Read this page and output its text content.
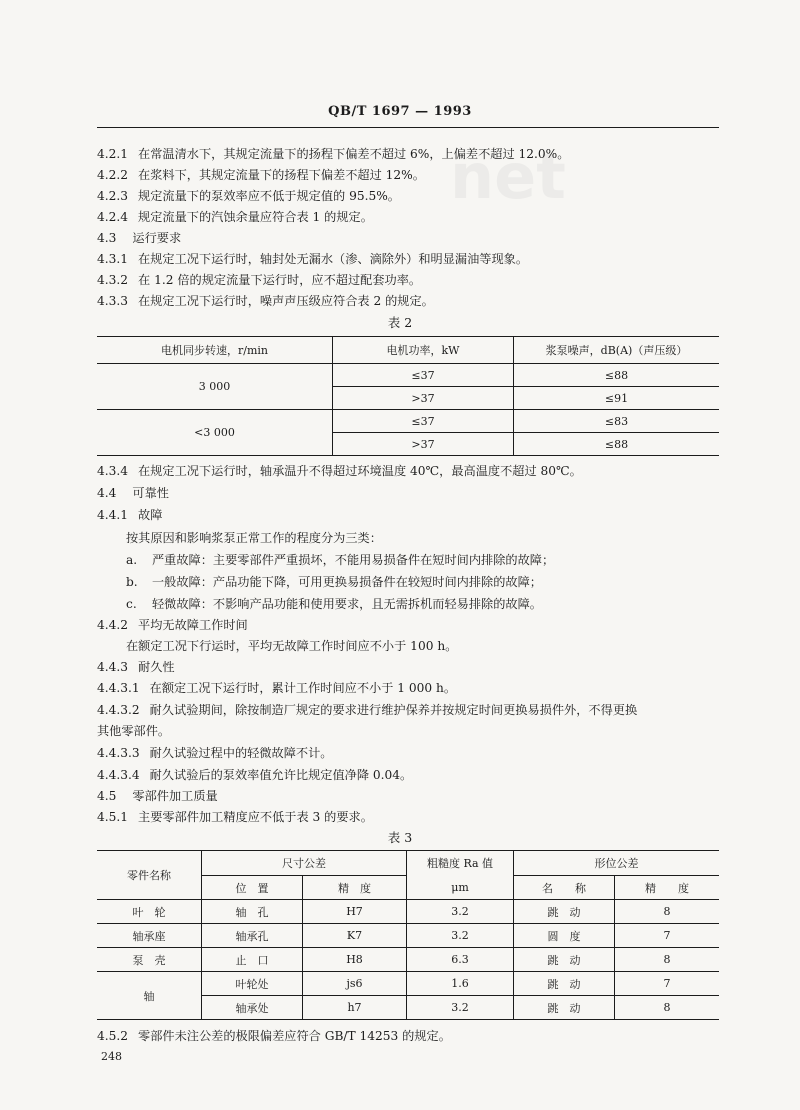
net
QB/T 1697 — 1993
4.2.1 在常温清水下，其规定流量下的扬程下偏差不超过 6%，上偏差不超过 12.0%。
4.2.2 在浆料下，其规定流量下的扬程下偏差不超过 12%。
4.2.3 规定流量下的泵效率应不低于规定值的 95.5%。
4.2.4 规定流量下的汽蚀余量应符合表 1 的规定。
4.3 运行要求
4.3.1 在规定工况下运行时，轴封处无漏水（渗、滴除外）和明显漏油等现象。
4.3.2 在 1.2 倍的规定流量下运行时，应不超过配套功率。
4.3.3 在规定工况下运行时，噪声声压级应符合表 2 的规定。
表 2
电机同步转速，r/min	电机功率，kW	浆泵噪声，dB(A)（声压级）
3 000	≤37	≤88
	>37	≤91
<3 000	≤37	≤83
	>37	≤88
4.3.4 在规定工况下运行时，轴承温升不得超过环境温度 40℃，最高温度不超过 80℃。
4.4 可靠性
4.4.1 故障
按其原因和影响浆泵正常工作的程度分为三类：
a. 严重故障：主要零部件严重损坏，不能用易损备件在短时间内排除的故障；
b. 一般故障：产品功能下降，可用更换易损备件在较短时间内排除的故障；
c. 轻微故障：不影响产品功能和使用要求，且无需拆机而轻易排除的故障。
4.4.2 平均无故障工作时间
在额定工况下行运时，平均无故障工作时间应不小于 100 h。
4.4.3 耐久性
4.4.3.1 在额定工况下运行时，累计工作时间应不小于 1 000 h。
4.4.3.2 耐久试验期间，除按制造厂规定的要求进行维护保养并按规定时间更换易损件外，不得更换
其他零部件。
4.4.3.3 耐久试验过程中的轻微故障不计。
4.4.3.4 耐久试验后的泵效率值允许比规定值净降 0.04。
4.5 零部件加工质量
4.5.1 主要零部件加工精度应不低于表 3 的要求。
表 3
零件名称	尺寸公差		粗糙度 Ra 值	形位公差	
	位　置	精　度	μm	名　　称	精　　度
叶　轮	轴　孔	H7	3.2	跳　动	8
轴承座	轴承孔	K7	3.2	圆　度	7
泵　壳	止　口	H8	6.3	跳　动	8
轴	叶轮处	js6	1.6	跳　动	7
	轴承处	h7	3.2	跳　动	8
4.5.2 零部件未注公差的极限偏差应符合 GB/T 14253 的规定。
248
